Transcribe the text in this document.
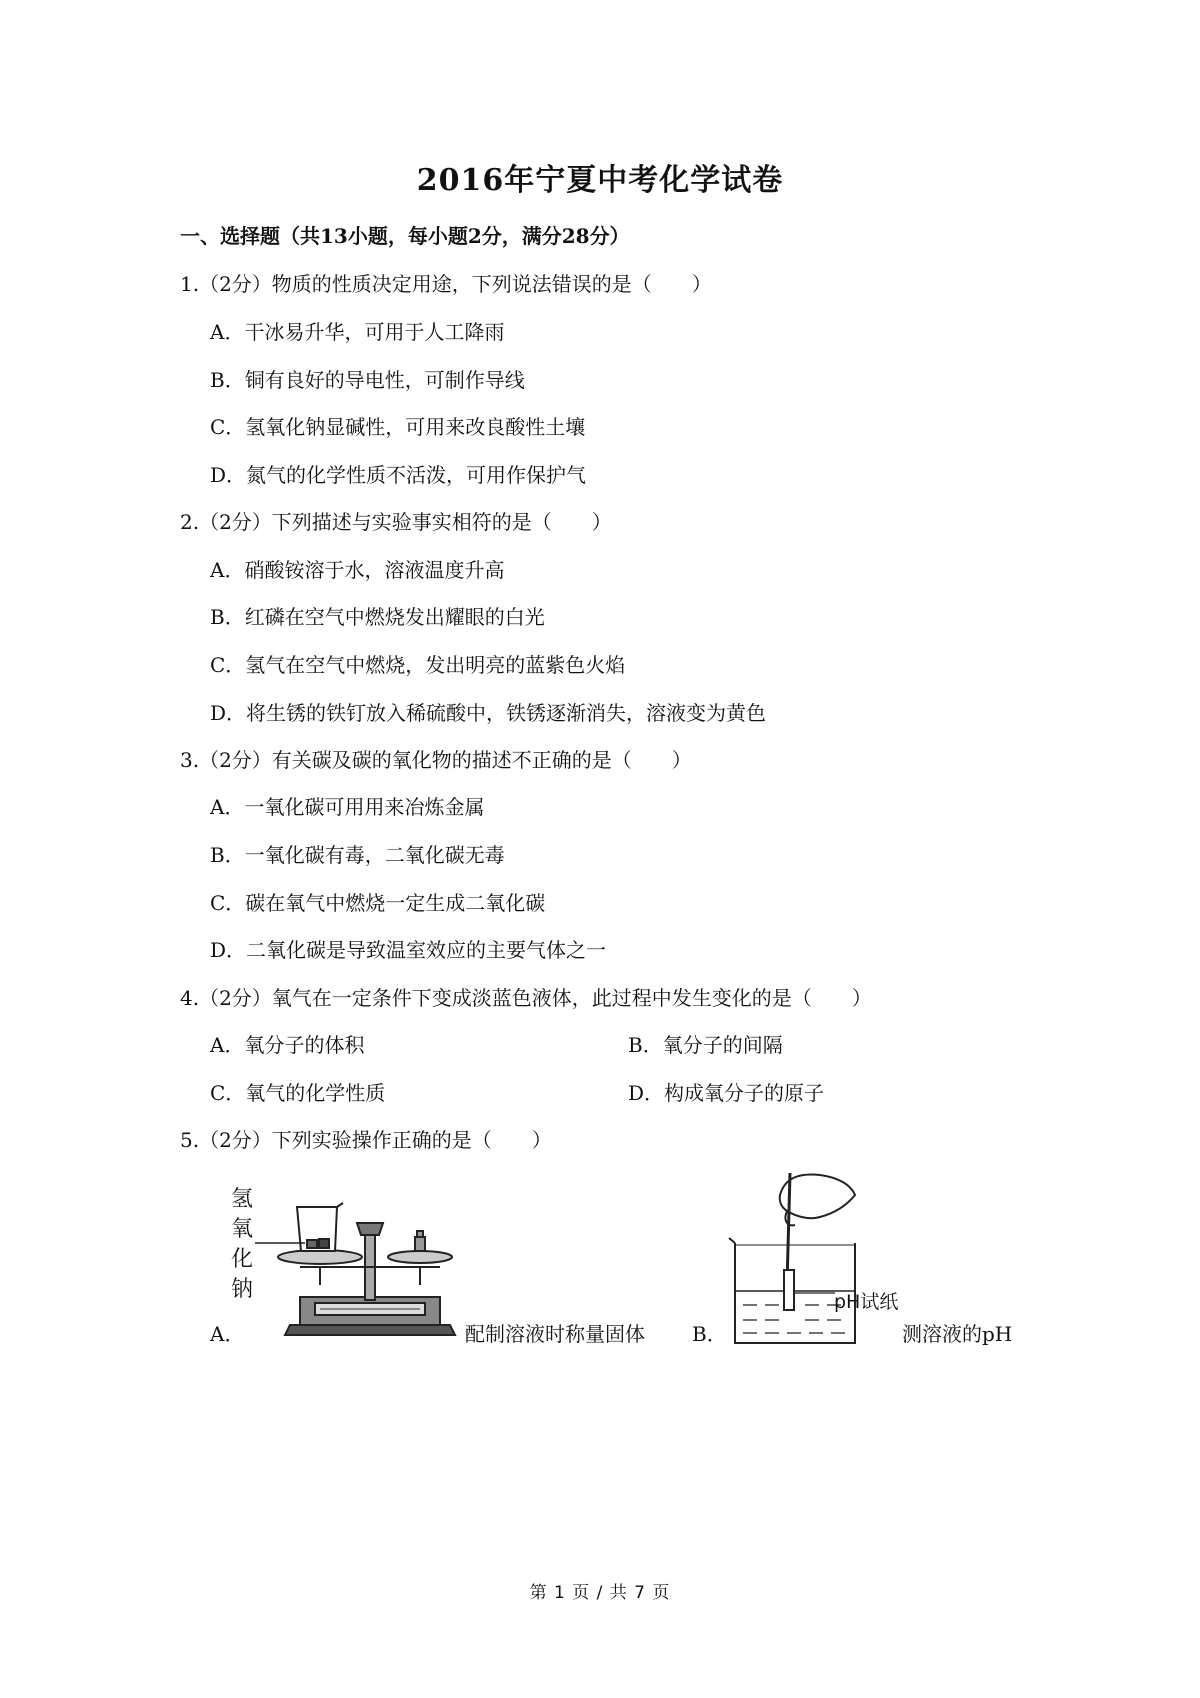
2016年宁夏中考化学试卷
一、选择题（共13小题，每小题2分，满分28分）
1.（2分）物质的性质决定用途，下列说法错误的是（　　）
A．干冰易升华，可用于人工降雨
B．铜有良好的导电性，可制作导线
C．氢氧化钠显碱性，可用来改良酸性土壤
D．氮气的化学性质不活泼，可用作保护气
2.（2分）下列描述与实验事实相符的是（　　）
A．硝酸铵溶于水，溶液温度升高
B．红磷在空气中燃烧发出耀眼的白光
C．氢气在空气中燃烧，发出明亮的蓝紫色火焰
D．将生锈的铁钉放入稀硫酸中，铁锈逐渐消失，溶液变为黄色
3.（2分）有关碳及碳的氧化物的描述不正确的是（　　）
A．一氧化碳可用用来冶炼金属
B．一氧化碳有毒，二氧化碳无毒
C．碳在氧气中燃烧一定生成二氧化碳
D．二氧化碳是导致温室效应的主要气体之一
4.（2分）氧气在一定条件下变成淡蓝色液体，此过程中发生变化的是（　　）
A．氧分子的体积	B．氧分子的间隔
C．氧气的化学性质	D．构成氧分子的原子
5.（2分）下列实验操作正确的是（　　）
A．
氢
氧
化
钠
配制溶液时称量固体 B．
pH试纸
测溶液的pH
第 1 页 / 共 7 页
